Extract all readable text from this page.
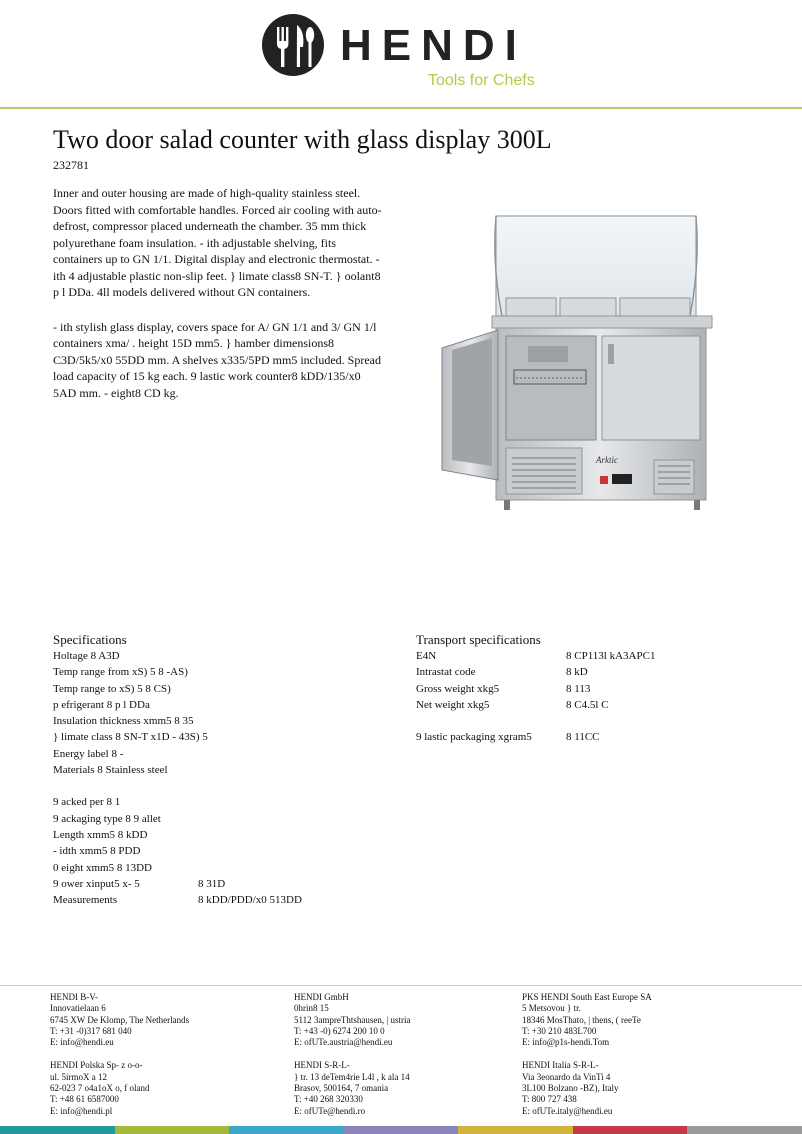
HENDI
Tools for Chefs
Two door salad counter with glass display 300L
232781

Inner and outer housing are made of high-quality stainless steel. Doors fitted with comfortable handles. Forced air cooling with auto-defrost, compressor placed underneath the chamber. 35 mm thick polyurethane foam insulation. - ith adjustable shelving, fits containers up to GN 1/1. Digital display and electronic thermostat. - ith 4 adjustable plastic non-slip feet. } limate class8 SN-T. } oolant8 p l DDa. 4ll models delivered without GN containers.

- ith stylish glass display, covers space for A/ GN 1/1 and 3/ GN 1/l containers xma/ . height 15D mm5. } hamber dimensions8 C3D/5k5/x0 55DD mm. A shelves x335/5PD mm5 included. Spread load capacity of 15 kg each. 9 lastic work counter8 kDD/135/x0 5AD mm. - eight8 CD kg.

Arktic
Specifications
Holtage 8 A3D
Temp range from xS) 5 8 -AS)
Temp range to xS) 5 8 CS)
p efrigerant 8 p l DDa
Insulation thickness xmm5 8 35
} limate class 8 SN-T x1D - 43S) 5
Energy label 8 -
Materials 8 Stainless steel
9 acked per 8 1
9 ackaging type 8 9 allet
Length xmm5 8 kDD
- idth xmm5 8 PDD
0 eight xmm5 8 13DD
9 ower xinput5 x- 5	8 31D
Measurements	8 kDD/PDD/x0 513DD
Transport specifications
E4N	8 CP113l kA3APC1
Intrastat code	8 kD
Gross weight xkg5	8 113
Net weight xkg5	8 C4.5l C
9 lastic packaging xgram5	8 11CC
HENDI B-V-
Innovatielaan 6
6745 XW De Klomp, The Netherlands
T: +31 -0)317 681 040
E: info@hendi.eu
HENDI Polska Sp- z o-o-
ul. 5irmoX a 12
62-023 7 o4a1oX o, f oland
T: +48 61 6587000
E: info@hendi.pl
HENDI GmbH
0hrin8 15
5112 3ampreThtshausen, | ustria
T: +43 -0) 6274 200 10 0
E: ofUTe.austria@hendi.eu
HENDI S-R-L-
} tr. 13 deTem4rie L4l , k ala 14
Brasov, 500164, 7 omania
T: +40 268 320330
E: ofUTe@hendi.ro
PKS HENDI South East Europe SA
5 Metsovou } tr.
18346 MosThato, | thens, ( reeTe
T: +30 210 483L700
E: info@p1s-hendi.Tom
HENDI Italia S-R-L-
Via 3eonardo da VinTi 4
3L100 Bolzano -BZ), Italy
T: 800 727 438
E: ofUTe.italy@hendi.eu
